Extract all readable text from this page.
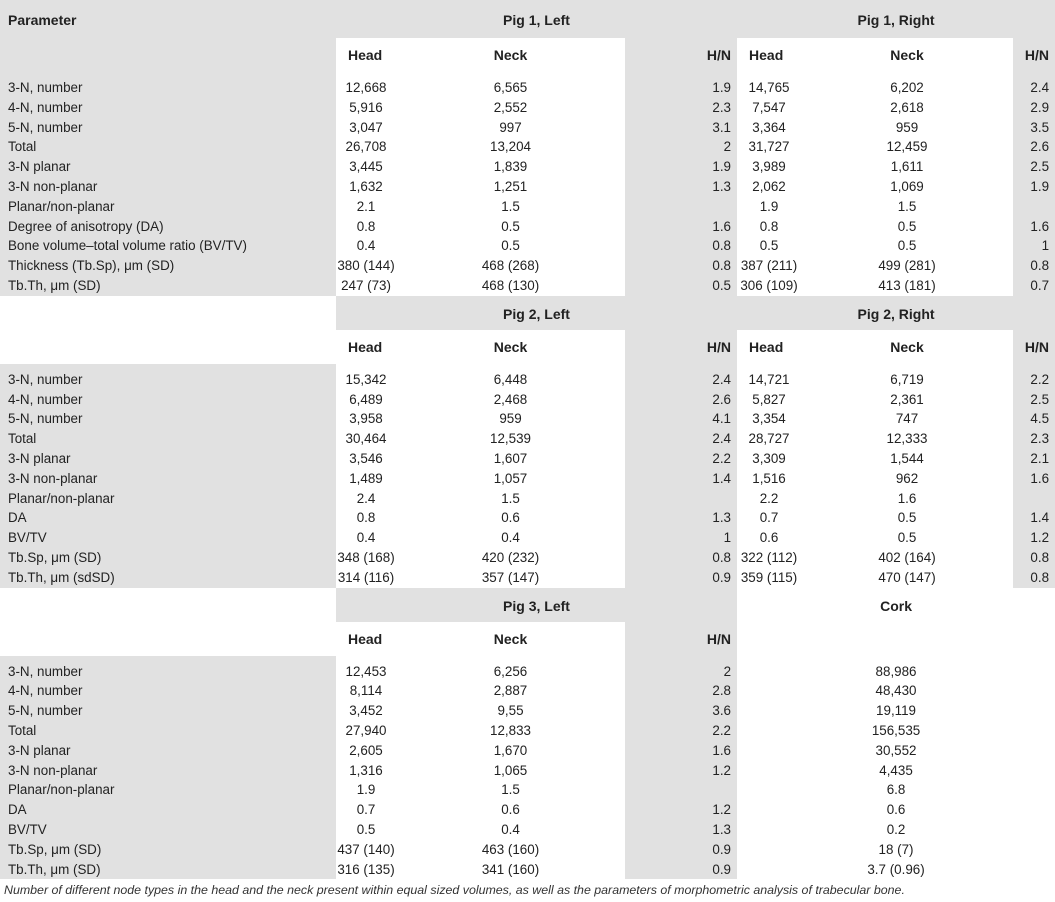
Parameter	Pig 1, Left			Pig 1, Right		
	Head	Neck	H/N	Head	Neck	H/N

3-N, number	12,668	6,565	1.9	14,765	6,202	2.4
4-N, number	5,916	2,552	2.3	7,547	2,618	2.9
5-N, number	3,047	997	3.1	3,364	959	3.5
Total	26,708	13,204	2	31,727	12,459	2.6
3-N planar	3,445	1,839	1.9	3,989	1,611	2.5
3-N non-planar	1,632	1,251	1.3	2,062	1,069	1.9
Planar/non-planar	2.1	1.5		1.9	1.5	
Degree of anisotropy (DA)	0.8	0.5	1.6	0.8	0.5	1.6
Bone volume–total volume ratio (BV/TV)	0.4	0.5	0.8	0.5	0.5	1
Thickness (Tb.Sp), μm (SD)	380 (144)	468 (268)	0.8	387 (211)	499 (281)	0.8
Tb.Th, μm (SD)	247 (73)	468 (130)	0.5	306 (109)	413 (181)	0.7
	Pig 2, Left			Pig 2, Right		
	Head	Neck	H/N	Head	Neck	H/N

3-N, number	15,342	6,448	2.4	14,721	6,719	2.2
4-N, number	6,489	2,468	2.6	5,827	2,361	2.5
5-N, number	3,958	959	4.1	3,354	747	4.5
Total	30,464	12,539	2.4	28,727	12,333	2.3
3-N planar	3,546	1,607	2.2	3,309	1,544	2.1
3-N non-planar	1,489	1,057	1.4	1,516	962	1.6
Planar/non-planar	2.4	1.5		2.2	1.6	
DA	0.8	0.6	1.3	0.7	0.5	1.4
BV/TV	0.4	0.4	1	0.6	0.5	1.2
Tb.Sp, μm (SD)	348 (168)	420 (232)	0.8	322 (112)	402 (164)	0.8
Tb.Th, μm (sdSD)	314 (116)	357 (147)	0.9	359 (115)	470 (147)	0.8
	Pig 3, Left			Cork		
	Head	Neck	H/N			

3-N, number	12,453	6,256	2	88,986		
4-N, number	8,114	2,887	2.8	48,430		
5-N, number	3,452	9,55	3.6	19,119		
Total	27,940	12,833	2.2	156,535		
3-N planar	2,605	1,670	1.6	30,552		
3-N non-planar	1,316	1,065	1.2	4,435		
Planar/non-planar	1.9	1.5		6.8		
DA	0.7	0.6	1.2	0.6		
BV/TV	0.5	0.4	1.3	0.2		
Tb.Sp, μm (SD)	437 (140)	463 (160)	0.9	18 (7)		
Tb.Th, μm (SD)	316 (135)	341 (160)	0.9	3.7 (0.96)		
Number of different node types in the head and the neck present within equal sized volumes, as well as the parameters of morphometric analysis of trabecular bone.
